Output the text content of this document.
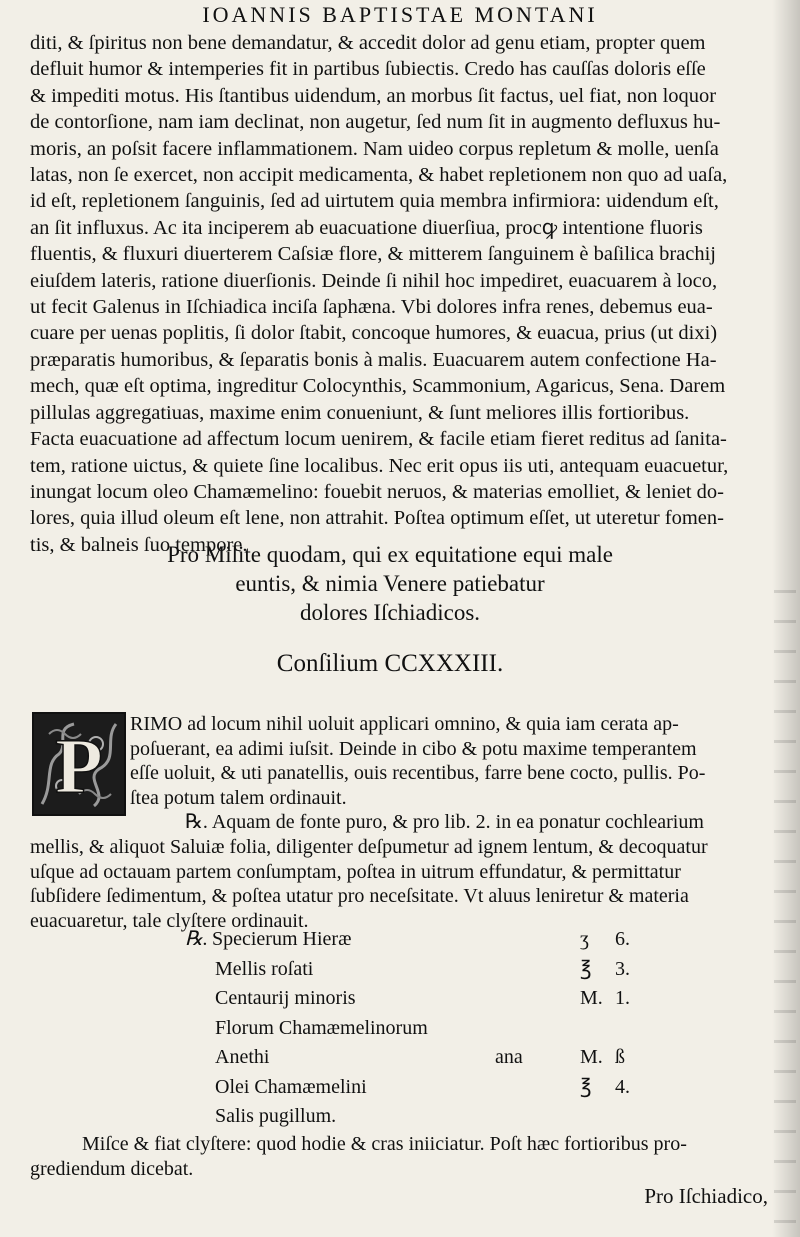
IOANNIS BAPTISTAE MONTANI
diti, & ſpiritus non bene demandatur, & accedit dolor ad genu etiam, propter quem
defluit humor & intemperies fit in partibus ſubiectis. Credo has cauſſas doloris eſſe
& impediti motus. His ſtantibus uidendum, an morbus ſit factus, uel fiat, non loquor
de contorſione, nam iam declinat, non augetur, ſed num ſit in augmento defluxus hu-
moris, an poſsit facere inflammationem. Nam uideo corpus repletum & molle, uenſa
latas, non ſe exercet, non accipit medicamenta, & habet repletionem non quo ad uaſa,
id eſt, repletionem ſanguinis, ſed ad uirtutem quia membra infirmiora: uidendum eſt,
an ſit influxus. Ac ita inciperem ab euacuatione diuerſiua, procꝙ intentione fluoris
fluentis, & fluxuri diuerterem Caſsiæ flore, & mitterem ſanguinem è baſilica brachij
eiuſdem lateris, ratione diuerſionis. Deinde ſi nihil hoc impediret, euacuarem à loco,
ut fecit Galenus in Iſchiadica inciſa ſaphæna. Vbi dolores infra renes, debemus eua-
cuare per uenas poplitis, ſi dolor ſtabit, concoque humores, & euacua, prius (ut dixi)
præparatis humoribus, & ſeparatis bonis à malis. Euacuarem autem confectione Ha-
mech, quæ eſt optima, ingreditur Colocynthis, Scammonium, Agaricus, Sena. Darem
pillulas aggregatiuas, maxime enim conueniunt, & ſunt meliores illis fortioribus.
Facta euacuatione ad affectum locum uenirem, & facile etiam fieret reditus ad ſanita-
tem, ratione uictus, & quiete ſine localibus. Nec erit opus iis uti, antequam euacuetur,
inungat locum oleo Chamæmelino: fouebit neruos, & materias emolliet, & leniet do-
lores, quia illud oleum eſt lene, non attrahit. Poſtea optimum eſſet, ut uteretur fomen-
tis, & balneis ſuo tempore.
Pro Milite quodam, qui ex equitatione equi male
euntis, & nimia Venere patiebatur
dolores Iſchiadicos.
Conſilium CCXXXIII.
P	RIMO ad locum nihil uoluit applicari omnino, & quia iam cerata ap-
poſuerant, ea adimi iuſsit. Deinde in cibo & potu maxime temperantem
eſſe uoluit, & uti panatellis, ouis recentibus, farre bene cocto, pullis. Po-
ſtea potum talem ordinauit.
℞. Aquam de fonte puro, & pro lib. 2. in ea ponatur cochlearium
mellis, & aliquot Saluiæ folia, diligenter deſpumetur ad ignem lentum, & decoquatur
uſque ad octauam partem conſumptam, poſtea in uitrum effundatur, & permittatur
ſubſidere ſedimentum, & poſtea utatur pro neceſsitate. Vt aluus leniretur & materia
euacuaretur, tale clyſtere ordinauit.
℞. Specierum Hieræ	ʒ 6.
Mellis roſati	℥ 3.
Centaurij minoris	M. 1.
Florum Chamæmelinorum
Anethi	ana	M. ß
Olei Chamæmelini	℥ 4.
Salis pugillum.
Miſce & fiat clyſtere: quod hodie & cras iniiciatur. Poſt hæc fortioribus pro-
grediendum dicebat.
Pro Iſchiadico,
